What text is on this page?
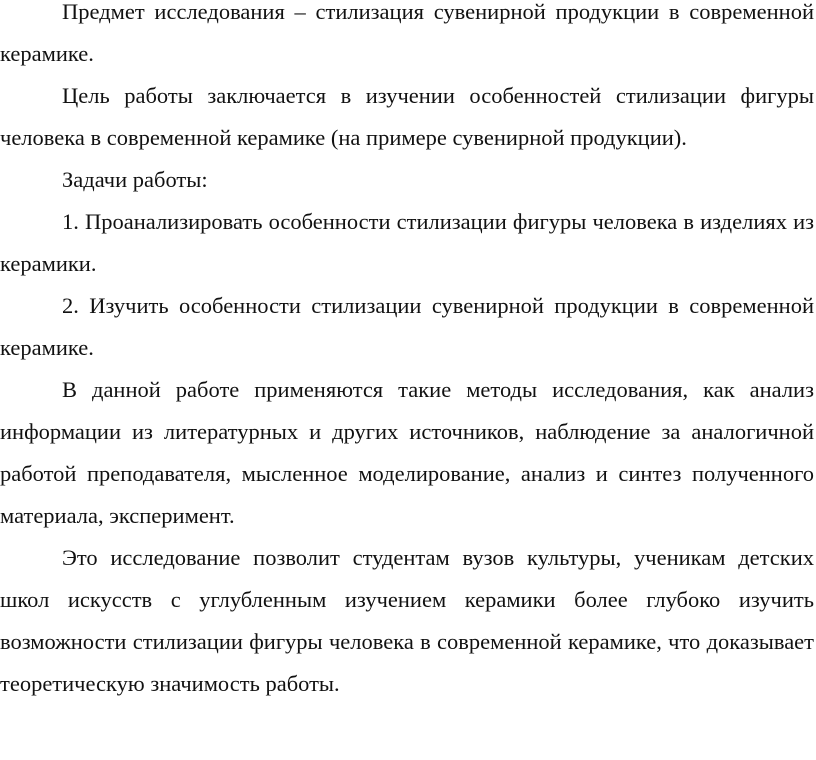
Предмет исследования – стилизация сувенирной продукции в современной керамике.

Цель работы заключается в изучении особенностей стилизации фигуры человека в современной керамике (на примере сувенирной продукции).

Задачи работы:

1. Проанализировать особенности стилизации фигуры человека в изделиях из керамики.

2. Изучить особенности стилизации сувенирной продукции в современной керамике.

В данной работе применяются такие методы исследования, как анализ информации из литературных и других источников, наблюдение за аналогичной работой преподавателя, мысленное моделирование, анализ и синтез полученного материала, эксперимент.

Это исследование позволит студентам вузов культуры, ученикам детских школ искусств с углубленным изучением керамики более глубоко изучить возможности стилизации фигуры человека в современной керамике, что доказывает теоретическую значимость работы.
